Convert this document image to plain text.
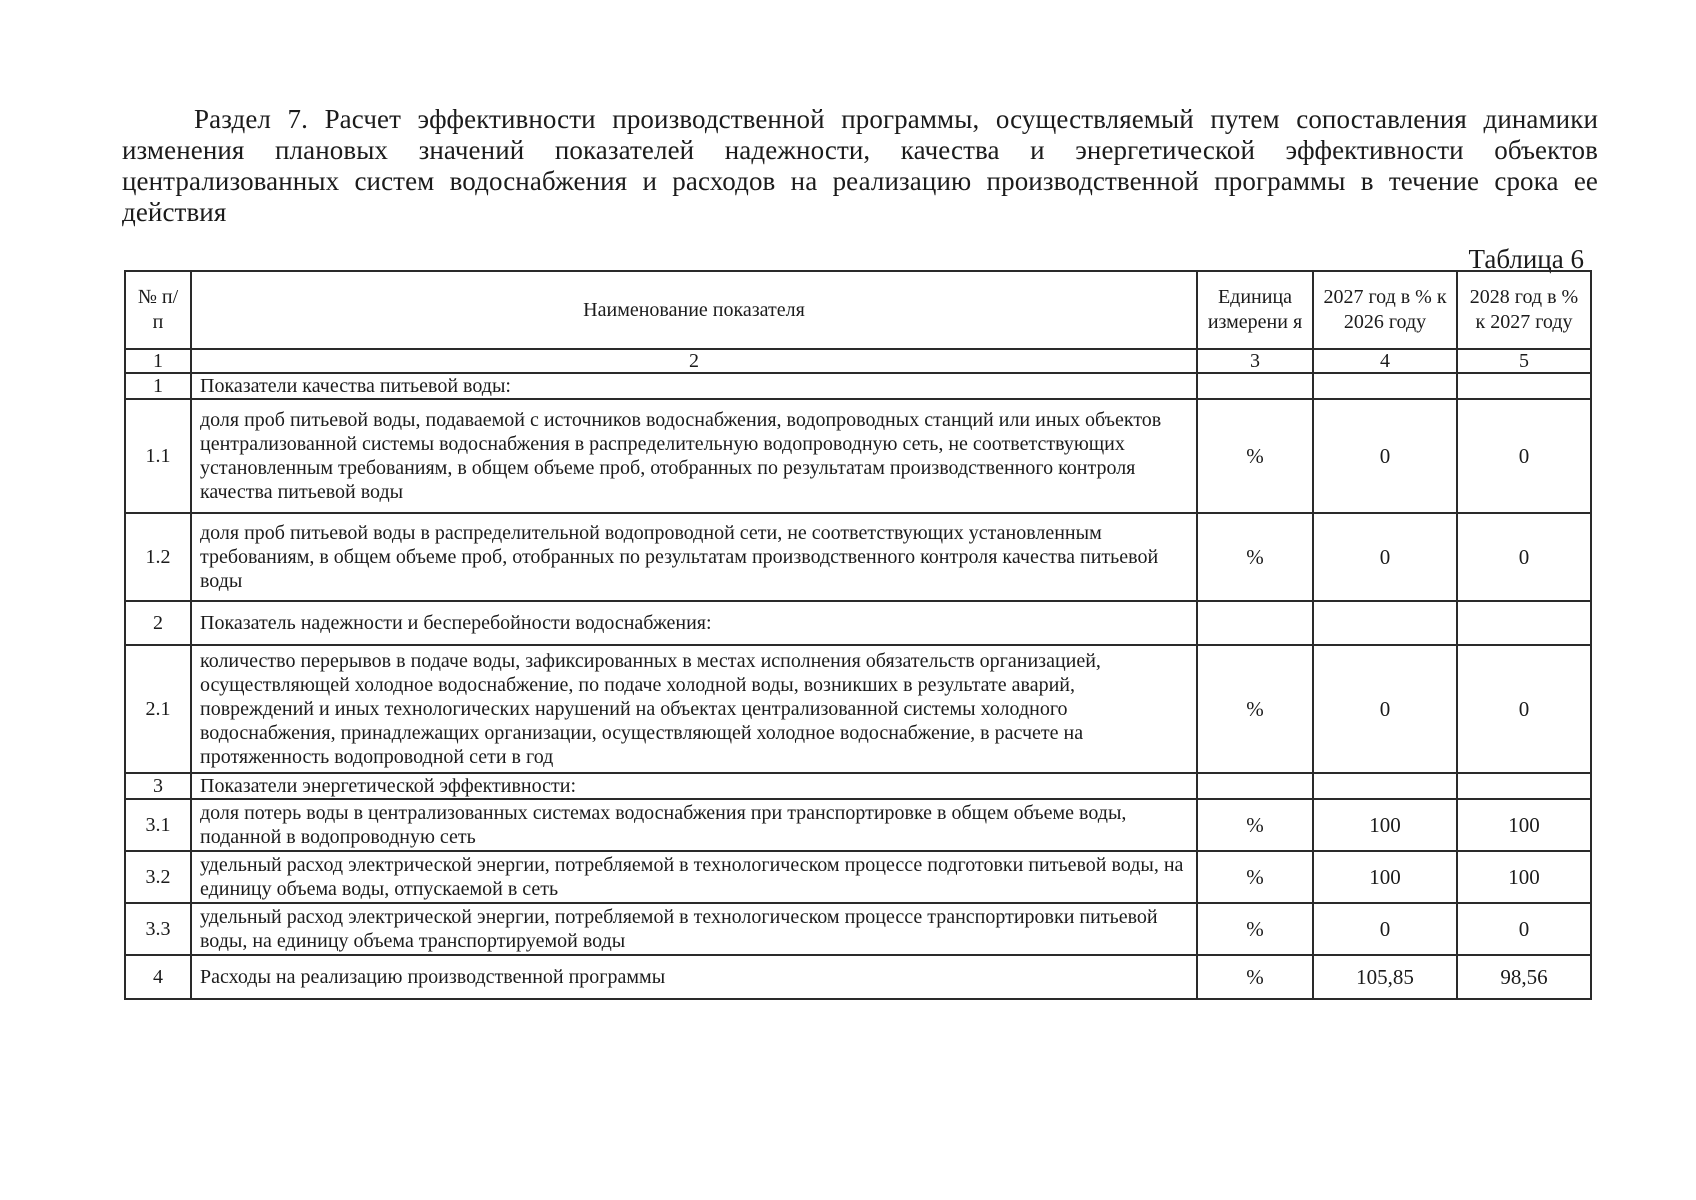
Раздел 7. Расчет эффективности производственной программы, осуществляемый путем сопоставления динамики изменения плановых значений показателей надежности, качества и энергетической эффективности объектов централизованных систем водоснабжения и расходов на реализацию производственной программы в течение срока ее действия
Таблица 6
№ п/п	Наименование показателя	Единица измерени я	2027 год в % к 2026 году	2028 год в % к 2027 году
1	2	3	4	5
1	Показатели качества питьевой воды:			
1.1	доля проб питьевой воды, подаваемой с источников водоснабжения, водопроводных станций или иных объектов централизованной системы водоснабжения в распределительную водопроводную сеть, не соответствующих установленным требованиям, в общем объеме проб, отобранных по результатам производственного контроля качества питьевой воды	%	0	0
1.2	доля проб питьевой воды в распределительной водопроводной сети, не соответствующих установленным требованиям, в общем объеме проб, отобранных по результатам производственного контроля качества питьевой воды	%	0	0
2	Показатель надежности и бесперебойности водоснабжения:			
2.1	количество перерывов в подаче воды, зафиксированных в местах исполнения обязательств организацией, осуществляющей холодное водоснабжение, по подаче холодной воды, возникших в результате аварий, повреждений и иных технологических нарушений на объектах централизованной системы холодного водоснабжения, принадлежащих организации, осуществляющей холодное водоснабжение, в расчете на протяженность водопроводной сети в год	%	0	0
3	Показатели энергетической эффективности:			
3.1	доля потерь воды в централизованных системах водоснабжения при транспортировке в общем объеме воды, поданной в водопроводную сеть	%	100	100
3.2	удельный расход электрической энергии, потребляемой в технологическом процессе подготовки питьевой воды, на единицу объема воды, отпускаемой в сеть	%	100	100
3.3	удельный расход электрической энергии, потребляемой в технологическом процессе транспортировки питьевой воды, на единицу объема транспортируемой воды	%	0	0
4	Расходы на реализацию производственной программы	%	105,85	98,56
